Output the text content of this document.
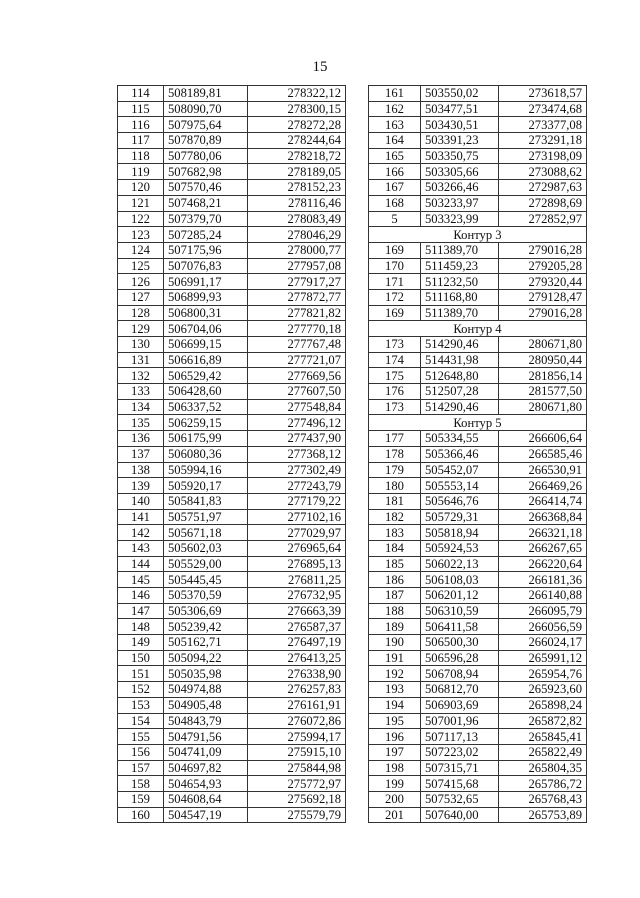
15
114	508189,81	278322,12
115	508090,70	278300,15
116	507975,64	278272,28
117	507870,89	278244,64
118	507780,06	278218,72
119	507682,98	278189,05
120	507570,46	278152,23
121	507468,21	278116,46
122	507379,70	278083,49
123	507285,24	278046,29
124	507175,96	278000,77
125	507076,83	277957,08
126	506991,17	277917,27
127	506899,93	277872,77
128	506800,31	277821,82
129	506704,06	277770,18
130	506699,15	277767,48
131	506616,89	277721,07
132	506529,42	277669,56
133	506428,60	277607,50
134	506337,52	277548,84
135	506259,15	277496,12
136	506175,99	277437,90
137	506080,36	277368,12
138	505994,16	277302,49
139	505920,17	277243,79
140	505841,83	277179,22
141	505751,97	277102,16
142	505671,18	277029,97
143	505602,03	276965,64
144	505529,00	276895,13
145	505445,45	276811,25
146	505370,59	276732,95
147	505306,69	276663,39
148	505239,42	276587,37
149	505162,71	276497,19
150	505094,22	276413,25
151	505035,98	276338,90
152	504974,88	276257,83
153	504905,48	276161,91
154	504843,79	276072,86
155	504791,56	275994,17
156	504741,09	275915,10
157	504697,82	275844,98
158	504654,93	275772,97
159	504608,64	275692,18
160	504547,19	275579,79
161	503550,02	273618,57
162	503477,51	273474,68
163	503430,51	273377,08
164	503391,23	273291,18
165	503350,75	273198,09
166	503305,66	273088,62
167	503266,46	272987,63
168	503233,97	272898,69
5	503323,99	272852,97
Контур 3		
169	511389,70	279016,28
170	511459,23	279205,28
171	511232,50	279320,44
172	511168,80	279128,47
169	511389,70	279016,28
Контур 4		
173	514290,46	280671,80
174	514431,98	280950,44
175	512648,80	281856,14
176	512507,28	281577,50
173	514290,46	280671,80
Контур 5		
177	505334,55	266606,64
178	505366,46	266585,46
179	505452,07	266530,91
180	505553,14	266469,26
181	505646,76	266414,74
182	505729,31	266368,84
183	505818,94	266321,18
184	505924,53	266267,65
185	506022,13	266220,64
186	506108,03	266181,36
187	506201,12	266140,88
188	506310,59	266095,79
189	506411,58	266056,59
190	506500,30	266024,17
191	506596,28	265991,12
192	506708,94	265954,76
193	506812,70	265923,60
194	506903,69	265898,24
195	507001,96	265872,82
196	507117,13	265845,41
197	507223,02	265822,49
198	507315,71	265804,35
199	507415,68	265786,72
200	507532,65	265768,43
201	507640,00	265753,89
